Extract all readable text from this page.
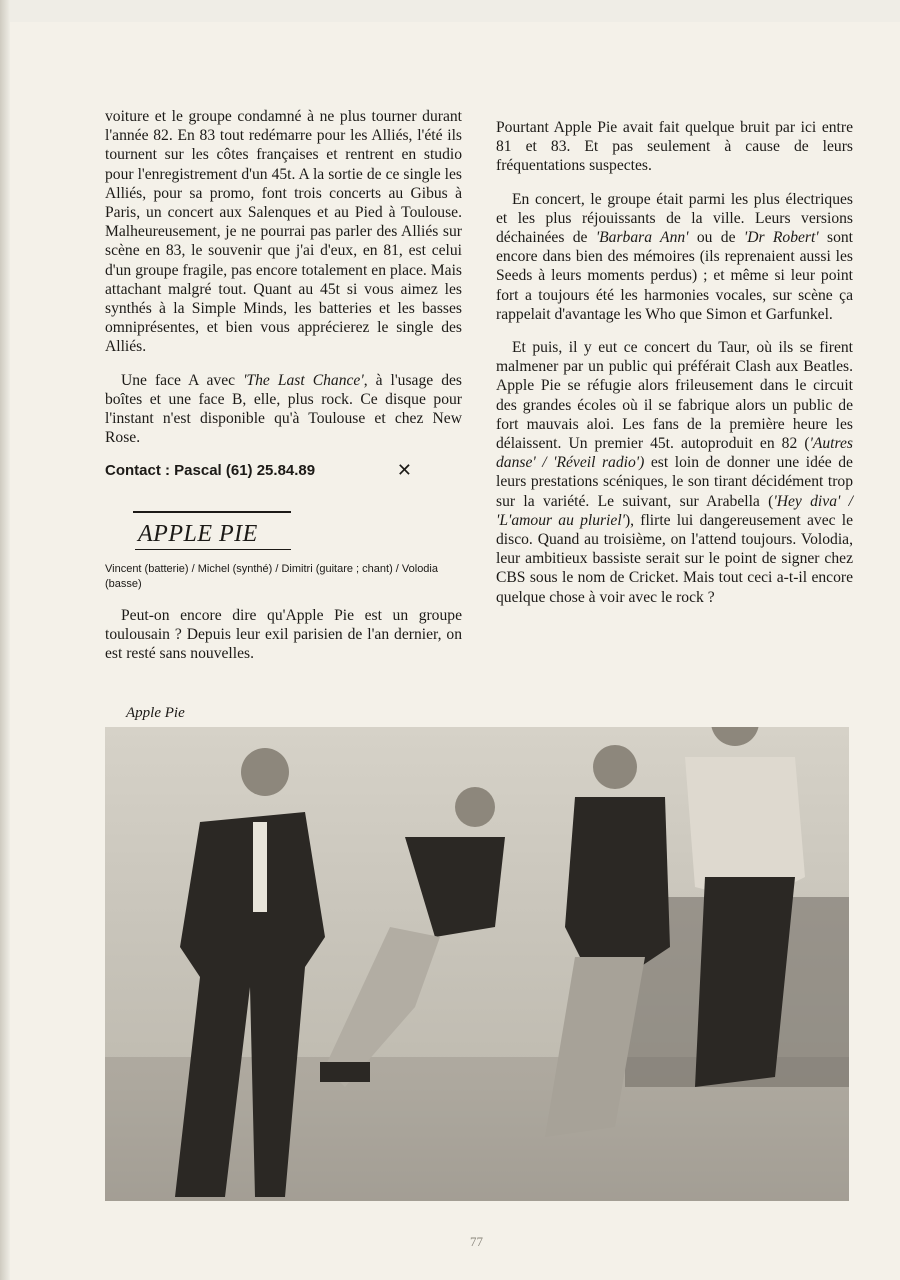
voiture et le groupe condamné à ne plus tourner durant l'année 82. En 83 tout redémarre pour les Alliés, l'été ils tournent sur les côtes françaises et rentrent en studio pour l'enregistrement d'un 45t. A la sortie de ce single les Alliés, pour sa promo, font trois concerts au Gibus à Paris, un concert aux Salenques et au Pied à Toulouse. Malheureusement, je ne pourrai pas parler des Alliés sur scène en 83, le souvenir que j'ai d'eux, en 81, est celui d'un groupe fragile, pas encore totalement en place. Mais attachant malgré tout. Quant au 45t si vous aimez les synthés à la Simple Minds, les batteries et les basses omniprésentes, et bien vous apprécierez le single des Alliés.

Une face A avec 'The Last Chance', à l'usage des boîtes et une face B, elle, plus rock. Ce disque pour l'instant n'est disponible qu'à Toulouse et chez New Rose.

Contact : Pascal (61) 25.84.89	✕
APPLE PIE
Vincent (batterie) / Michel (synthé) / Dimitri (guitare ; chant) / Volodia (basse)

Peut-on encore dire qu'Apple Pie est un groupe toulousain ? Depuis leur exil parisien de l'an dernier, on est resté sans nouvelles.

Pourtant Apple Pie avait fait quelque bruit par ici entre 81 et 83. Et pas seulement à cause de leurs fréquentations suspectes.

En concert, le groupe était parmi les plus électriques et les plus réjouissants de la ville. Leurs versions déchainées de 'Barbara Ann' ou de 'Dr Robert' sont encore dans bien des mémoires (ils reprenaient aussi les Seeds à leurs moments perdus) ; et même si leur point fort a toujours été les harmonies vocales, sur scène ça rappelait d'avantage les Who que Simon et Garfunkel.

Et puis, il y eut ce concert du Taur, où ils se firent malmener par un public qui préférait Clash aux Beatles. Apple Pie se réfugie alors frileusement dans le circuit des grandes écoles où il se fabrique alors un public de fort mauvais aloi. Les fans de la première heure les délaissent. Un premier 45t. autoproduit en 82 ('Autres danse' / 'Réveil radio') est loin de donner une idée de leurs prestations scéniques, le son tirant décidément trop sur la variété. Le suivant, sur Arabella ('Hey diva' / 'L'amour au pluriel'), flirte lui dangereusement avec le disco. Quand au troisième, on l'attend toujours. Volodia, leur ambitieux bassiste serait sur le point de signer chez CBS sous le nom de Cricket. Mais tout ceci a-t-il encore quelque chose à voir avec le rock ?

Apple Pie
77
